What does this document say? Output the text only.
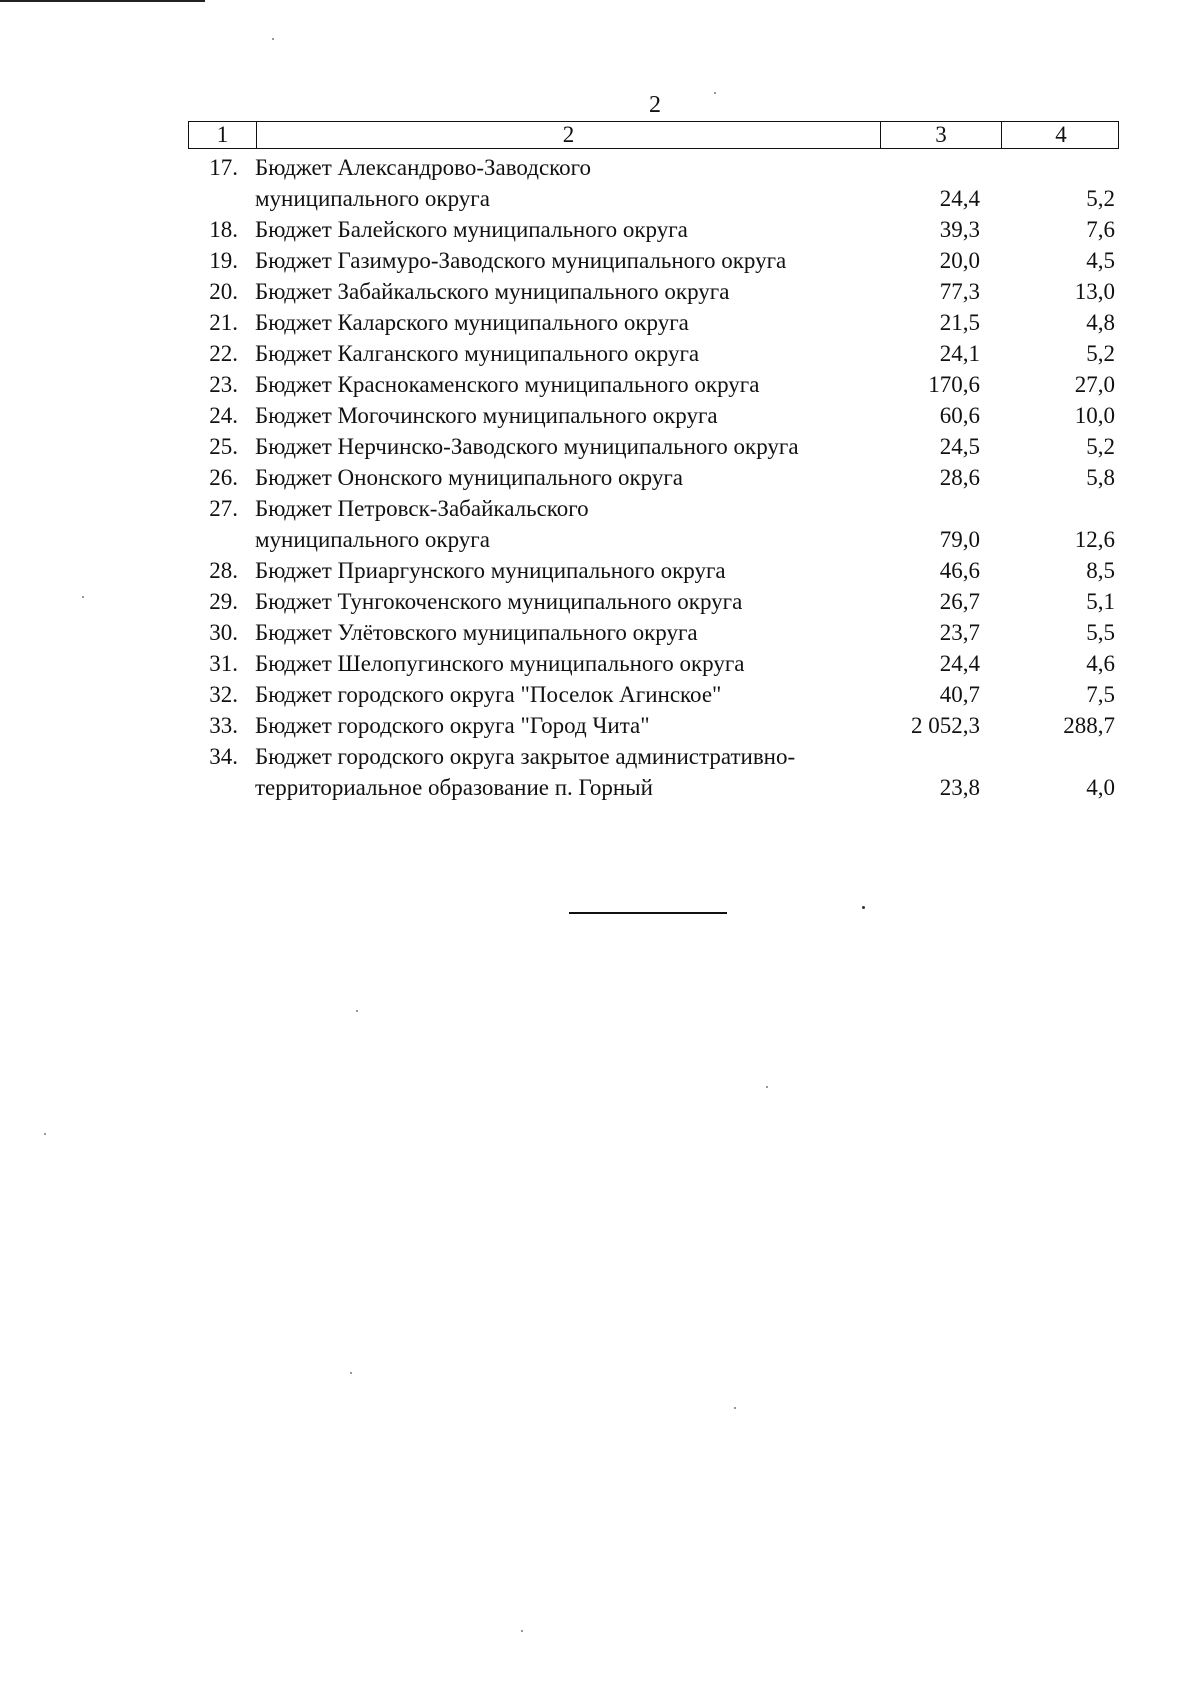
2
1	2	3	4
17. Бюджет Александрово-Заводского
муниципального округа	24,4	5,2
18. Бюджет Балейского муниципального округа	39,3	7,6
19. Бюджет Газимуро-Заводского муниципального округа	20,0	4,5
20. Бюджет Забайкальского муниципального округа	77,3	13,0
21. Бюджет Каларского муниципального округа	21,5	4,8
22. Бюджет Калганского муниципального округа	24,1	5,2
23. Бюджет Краснокаменского муниципального округа	170,6	27,0
24. Бюджет Могочинского муниципального округа	60,6	10,0
25. Бюджет Нерчинско-Заводского муниципального округа	24,5	5,2
26. Бюджет Ононского муниципального округа	28,6	5,8
27. Бюджет Петровск-Забайкальского
муниципального округа	79,0	12,6
28. Бюджет Приаргунского муниципального округа	46,6	8,5
29. Бюджет Тунгокоченского муниципального округа	26,7	5,1
30. Бюджет Улётовского муниципального округа	23,7	5,5
31. Бюджет Шелопугинского муниципального округа	24,4	4,6
32. Бюджет городского округа "Поселок Агинское"	40,7	7,5
33. Бюджет городского округа "Город Чита"	2 052,3	288,7
34. Бюджет городского округа закрытое административно-
территориальное образование п. Горный	23,8	4,0
